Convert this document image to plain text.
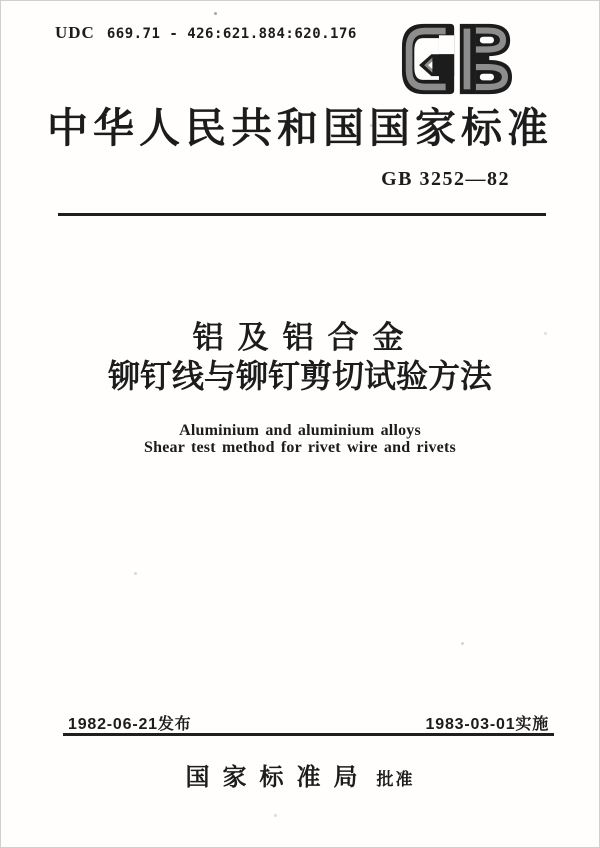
UDC 669.71 - 426:621.884:620.176
中华人民共和国国家标准
GB 3252—82
铝及铝合金
铆钉线与铆钉剪切试验方法
Aluminium and aluminium alloys
Shear test method for rivet wire and rivets
1982-06-21发布	1983-03-01实施
国家标准局 批准
